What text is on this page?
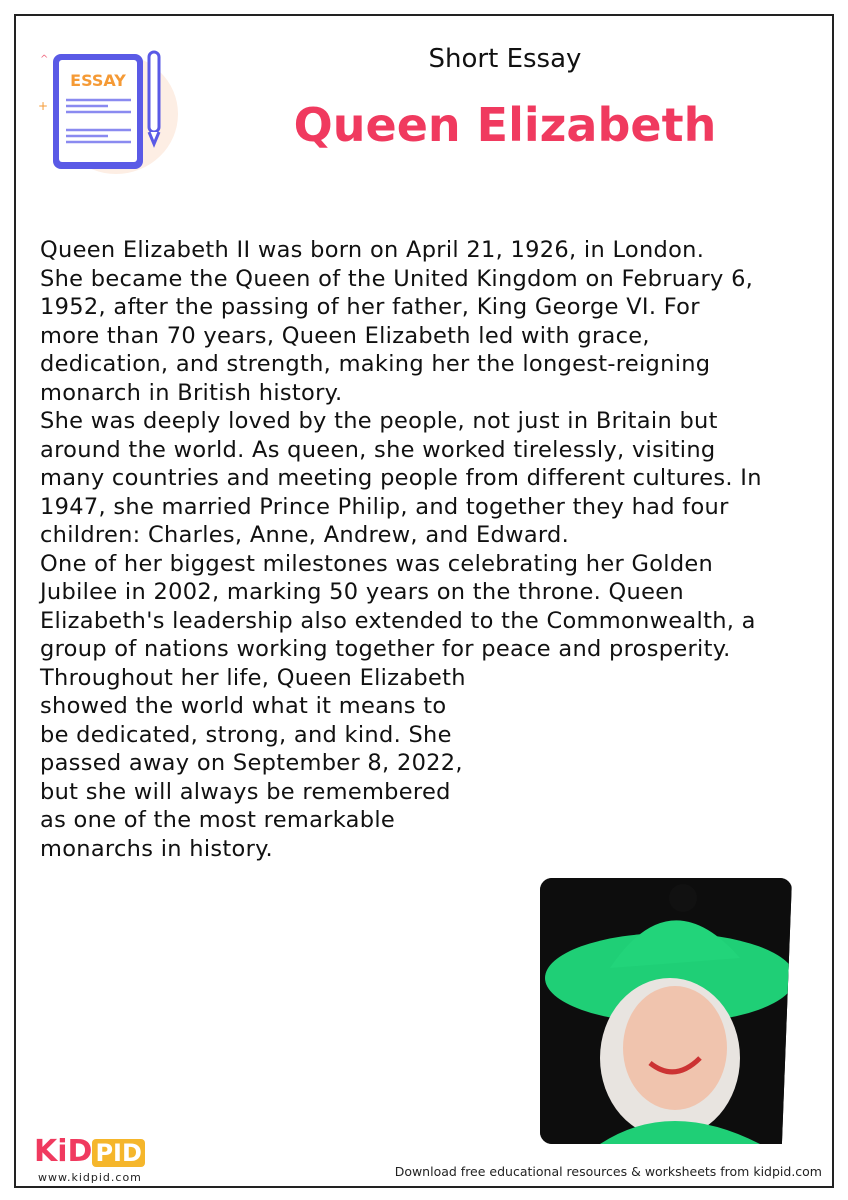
ESSAY
^
+
Short Essay
Queen Elizabeth
Queen Elizabeth II was born on April 21, 1926, in London.
She became the Queen of the United Kingdom on February 6,
1952, after the passing of her father, King George VI. For
more than 70 years, Queen Elizabeth led with grace,
dedication, and strength, making her the longest-reigning
monarch in British history.
She was deeply loved by the people, not just in Britain but
around the world. As queen, she worked tirelessly, visiting
many countries and meeting people from different cultures. In
1947, she married Prince Philip, and together they had four
children: Charles, Anne, Andrew, and Edward.
One of her biggest milestones was celebrating her Golden
Jubilee in 2002, marking 50 years on the throne. Queen
Elizabeth's leadership also extended to the Commonwealth, a
group of nations working together for peace and prosperity.
Throughout her life, Queen Elizabeth
showed the world what it means to
be dedicated, strong, and kind. She
passed away on September 8, 2022,
but she will always be remembered
as one of the most remarkable
monarchs in history.
KiD PID
www.kidpid.com	Download free educational resources & worksheets from kidpid.com
